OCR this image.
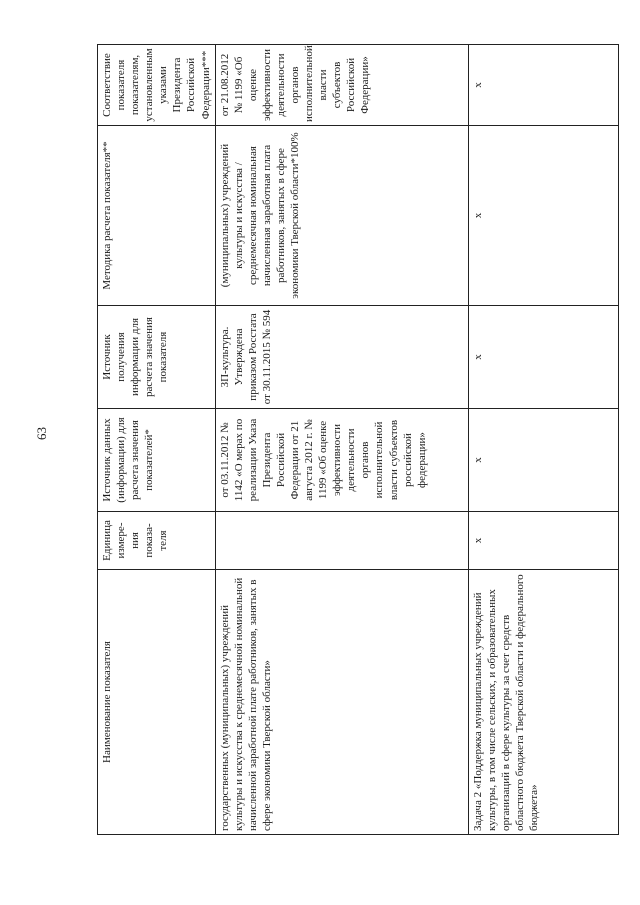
63
Наименование показателя	Единица измере-ния показа-теля	Источник данных (информации) для расчета значения показателей*	Источник получения информации для расчета значения показателя	Методика расчета показателя**	Соответствие показателя показателям, установленным указами Президента Российской Федерации***
государственных (муниципальных) учреждений культуры и искусства к среднемесячной номинальной начисленной заработной плате работников, занятых в сфере экономики Тверской области»		от 03.11.2012 № 1142 «О мерах по реализации Указа Президента Российской Федерации от 21 августа 2012 г. № 1199 «Об оценке эффективности деятельности органов исполнительной власти субъектов российской федерации»	ЗП-культура. Утверждена приказом Росстата от 30.11.2015 № 594	(муниципальных) учреждений культуры и искусства / среднемесячная номинальная начисленная заработная плата работников, занятых в сфере экономики Тверской области*100%	от 21.08.2012 № 1199 «Об оценке эффективности деятельности органов исполнительной власти субъектов Российской Федерации»
Задача 2 «Поддержка муниципальных учреждений культуры, в том числе сельских, и образовательных организаций в сфере культуры за счет средств областного бюджета Тверской области и федерального бюджета»	x	x	x	x	x
